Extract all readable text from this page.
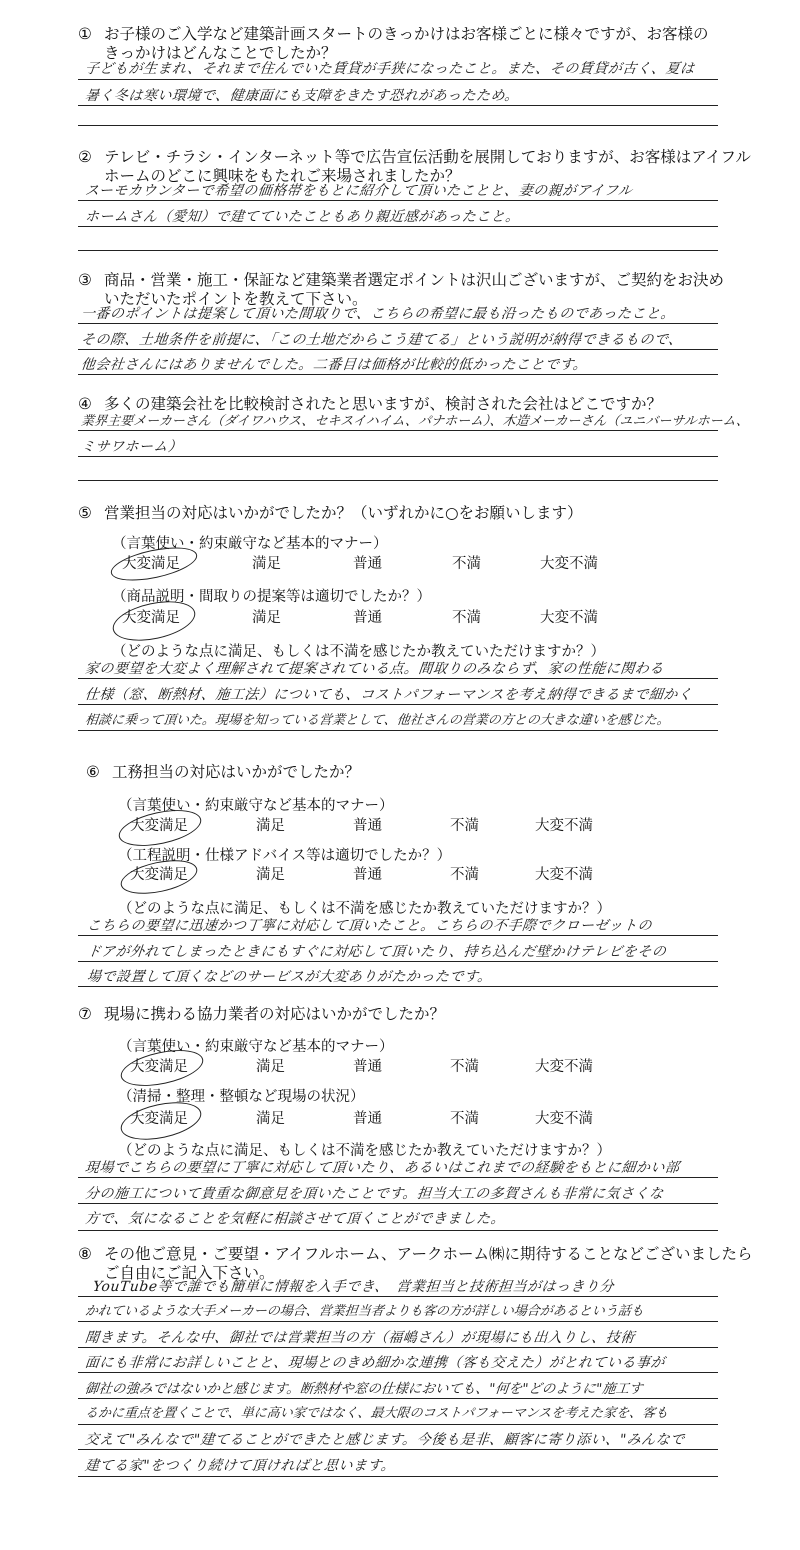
① お子様のご入学など建築計画スタートのきっかけはお客様ごとに様々ですが、お客様の
きっかけはどんなことでしたか？
子どもが生まれ、それまで住んでいた賃貸が手狭になったこと。また、その賃貸が古く、夏は
暑く冬は寒い環境で、健康面にも支障をきたす恐れがあったため。
② テレビ・チラシ・インターネット等で広告宣伝活動を展開しておりますが、お客様はアイフル
ホームのどこに興味をもたれご来場されましたか？
スーモカウンターで希望の価格帯をもとに紹介して頂いたことと、妻の親がアイフル
ホームさん（愛知）で建てていたこともあり親近感があったこと。
③ 商品・営業・施工・保証など建築業者選定ポイントは沢山ございますが、ご契約をお決め
いただいたポイントを教えて下さい。
一番のポイントは提案して頂いた間取りで、こちらの希望に最も沿ったものであったこと。
その際、土地条件を前提に、「この土地だからこう建てる」という説明が納得できるもので、
他会社さんにはありませんでした。二番目は価格が比較的低かったことです。
④ 多くの建築会社を比較検討されたと思いますが、検討された会社はどこですか？
業界主要メーカーさん（ダイワハウス、セキスイハイム、パナホーム）、木造メーカーさん（ユニバーサルホーム、
ミサワホーム）
⑤ 営業担当の対応はいかがでしたか？（いずれかに○をお願いします）
（言葉使い・約束厳守など基本的マナー）
大変満足	満足	普通	不満	大変不満
（商品説明・間取りの提案等は適切でしたか？）
大変満足	満足	普通	不満	大変不満
（どのような点に満足、もしくは不満を感じたか教えていただけますか？）
家の要望を大変よく理解されて提案されている点。間取りのみならず、家の性能に関わる
仕様（窓、断熱材、施工法）についても、コストパフォーマンスを考え納得できるまで細かく
相談に乗って頂いた。現場を知っている営業として、他社さんの営業の方との大きな違いを感じた。
⑥ 工務担当の対応はいかがでしたか？
（言葉使い・約束厳守など基本的マナー）
大変満足	満足	普通	不満	大変不満
（工程説明・仕様アドバイス等は適切でしたか？）
大変満足	満足	普通	不満	大変不満
（どのような点に満足、もしくは不満を感じたか教えていただけますか？）
こちらの要望に迅速かつ丁寧に対応して頂いたこと。こちらの不手際でクローゼットの
ドアが外れてしまったときにもすぐに対応して頂いたり、持ち込んだ壁かけテレビをその
場で設置して頂くなどのサービスが大変ありがたかったです。
⑦ 現場に携わる協力業者の対応はいかがでしたか？
（言葉使い・約束厳守など基本的マナー）
大変満足	満足	普通	不満	大変不満
（清掃・整理・整頓など現場の状況）
大変満足	満足	普通	不満	大変不満
（どのような点に満足、もしくは不満を感じたか教えていただけますか？）
現場でこちらの要望に丁寧に対応して頂いたり、あるいはこれまでの経験をもとに細かい部
分の施工について貴重な御意見を頂いたことです。担当大工の多賀さんも非常に気さくな
方で、気になることを気軽に相談させて頂くことができました。
⑧ その他ご意見・ご要望・アイフルホーム、アークホーム㈱に期待することなどございましたら
ご自由にご記入下さい。
YouTube等で誰でも簡単に情報を入手でき、　営業担当と技術担当がはっきり分
かれているような大手メーカーの場合、営業担当者よりも客の方が詳しい場合があるという話も
聞きます。そんな中、御社では営業担当の方（福嶋さん）が現場にも出入りし、技術
面にも非常にお詳しいことと、現場とのきめ細かな連携（客も交えた）がとれている事が
御社の強みではないかと感じます。断熱材や窓の仕様においても、"何を"どのように"施工す
るかに重点を置くことで、単に高い家ではなく、最大限のコストパフォーマンスを考えた家を、客も
交えて"みんなで"建てることができたと感じます。今後も是非、顧客に寄り添い、"みんなで
建てる家"をつくり続けて頂ければと思います。
